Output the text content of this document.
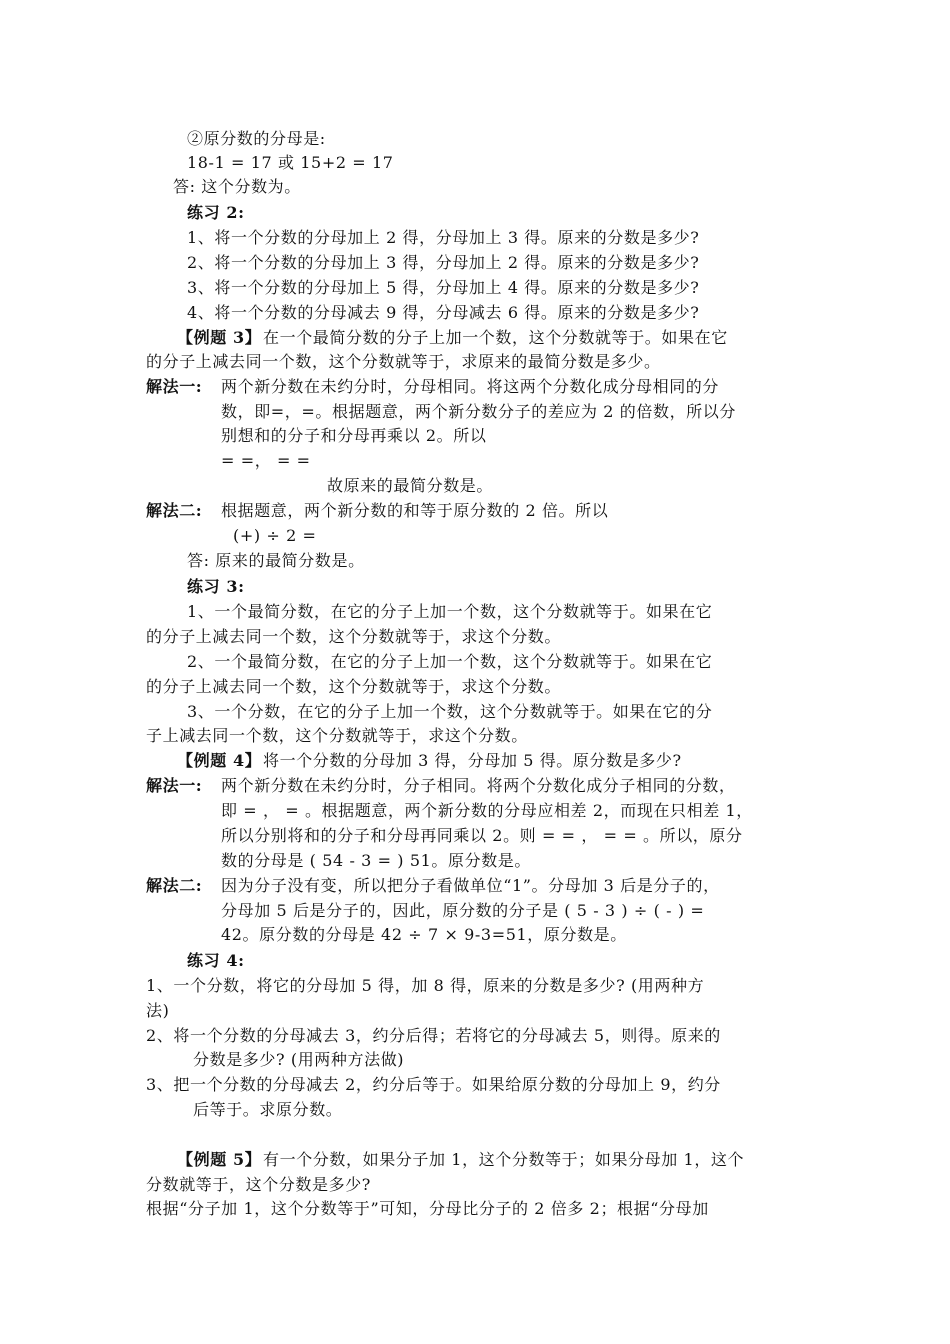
②原分数的分母是:
18-1 = 17 或 15+2 = 17
答: 这个分数为。
练习 2:
1、将一个分数的分母加上 2 得，分母加上 3 得。原来的分数是多少?
2、将一个分数的分母加上 3 得，分母加上 2 得。原来的分数是多少?
3、将一个分数的分母加上 5 得，分母加上 4 得。原来的分数是多少?
4、将一个分数的分母减去 9 得，分母减去 6 得。原来的分数是多少?
【例题 3】 在一个最简分数的分子上加一个数，这个分数就等于。如果在它
的分子上减去同一个数，这个分数就等于，求原来的最简分数是多少。
解法一: 两个新分数在未约分时，分母相同。将这两个分数化成分母相同的分
数，即=，=。根据题意，两个新分数分子的差应为 2 的倍数，所以分
别想和的分子和分母再乘以 2。所以
= =， = =
故原来的最简分数是。
解法二: 根据题意，两个新分数的和等于原分数的 2 倍。所以
(+) ÷ 2 =
答: 原来的最简分数是。
练习 3:
1、一个最简分数，在它的分子上加一个数，这个分数就等于。如果在它
的分子上减去同一个数，这个分数就等于，求这个分数。
2、一个最简分数，在它的分子上加一个数，这个分数就等于。如果在它
的分子上减去同一个数，这个分数就等于，求这个分数。
3、一个分数，在它的分子上加一个数，这个分数就等于。如果在它的分
子上减去同一个数，这个分数就等于，求这个分数。
【例题 4】 将一个分数的分母加 3 得，分母加 5 得。原分数是多少?
解法一: 两个新分数在未约分时，分子相同。将两个分数化成分子相同的分数，
即 = ， = 。根据题意，两个新分数的分母应相差 2，而现在只相差 1，
所以分别将和的分子和分母再同乘以 2。则 = = ， = = 。所以，原分
数的分母是 ( 54 - 3 = ) 51。原分数是。
解法二: 因为分子没有变，所以把分子看做单位“1”。分母加 3 后是分子的，
分母加 5 后是分子的，因此，原分数的分子是 ( 5 - 3 ) ÷ ( - ) =
42。原分数的分母是 42 ÷ 7 × 9-3=51，原分数是。
练习 4:
1、一个分数，将它的分母加 5 得，加 8 得，原来的分数是多少? (用两种方
法)
2、将一个分数的分母减去 3，约分后得；若将它的分母减去 5，则得。原来的
分数是多少? (用两种方法做)
3、把一个分数的分母减去 2，约分后等于。如果给原分数的分母加上 9，约分
后等于。求原分数。
【例题 5】 有一个分数，如果分子加 1，这个分数等于；如果分母加 1，这个
分数就等于，这个分数是多少?
根据“分子加 1，这个分数等于”可知，分母比分子的 2 倍多 2；根据“分母加
